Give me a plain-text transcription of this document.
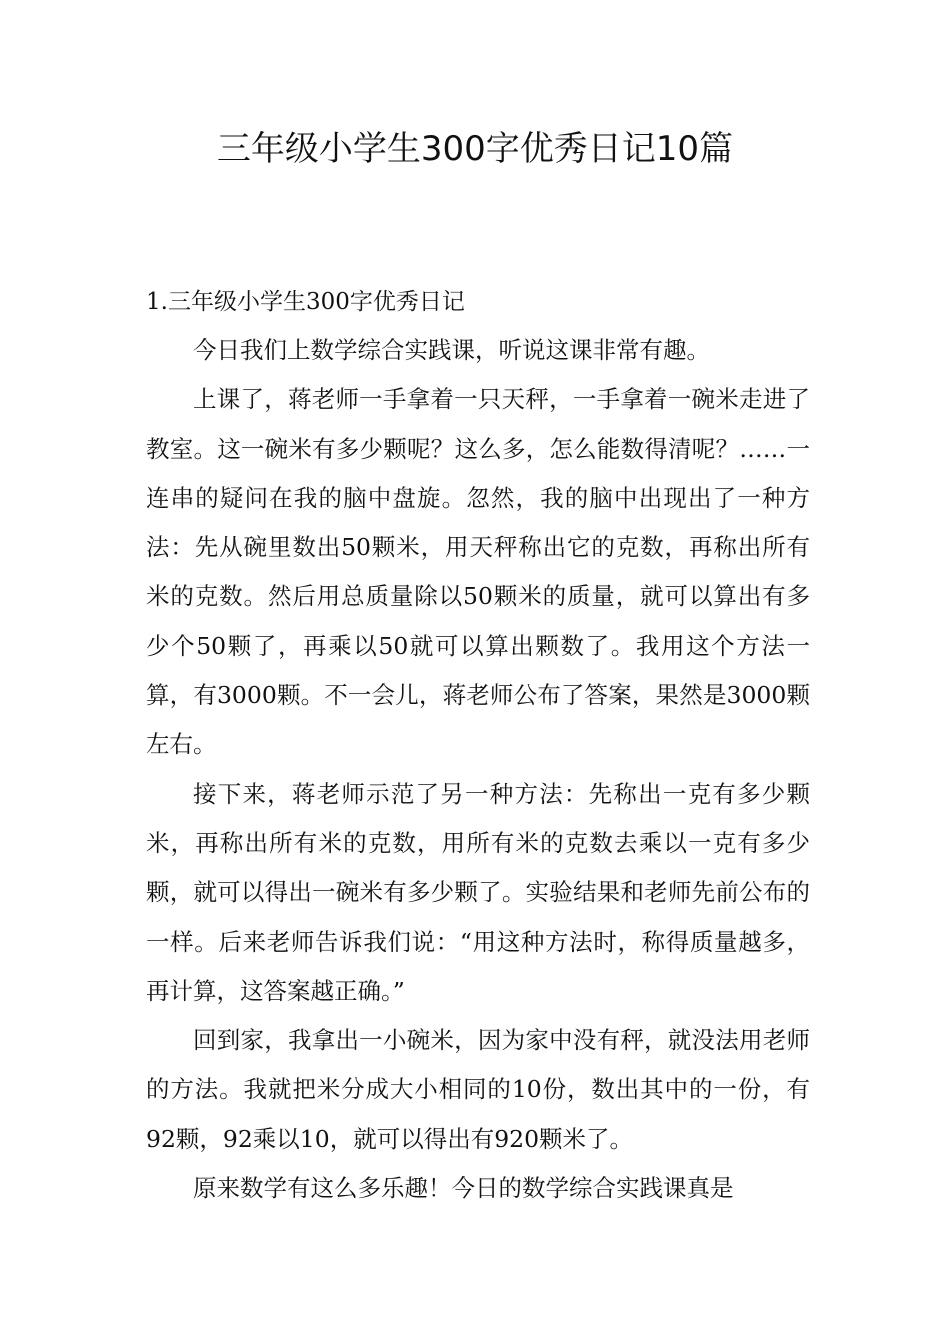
三年级小学生300字优秀日记10篇

1.三年级小学生300字优秀日记

今日我们上数学综合实践课，听说这课非常有趣。

上课了，蒋老师一手拿着一只天秤，一手拿着一碗米走进了教室。这一碗米有多少颗呢？这么多，怎么能数得清呢？……一连串的疑问在我的脑中盘旋。忽然，我的脑中出现出了一种方法：先从碗里数出50颗米，用天秤称出它的克数，再称出所有米的克数。然后用总质量除以50颗米的质量，就可以算出有多少个50颗了，再乘以50就可以算出颗数了。我用这个方法一算，有3000颗。不一会儿，蒋老师公布了答案，果然是3000颗左右。

接下来，蒋老师示范了另一种方法：先称出一克有多少颗米，再称出所有米的克数，用所有米的克数去乘以一克有多少颗，就可以得出一碗米有多少颗了。实验结果和老师先前公布的一样。后来老师告诉我们说：“用这种方法时，称得质量越多，再计算，这答案越正确。”

回到家，我拿出一小碗米，因为家中没有秤，就没法用老师的方法。我就把米分成大小相同的10份，数出其中的一份，有92颗，92乘以10，就可以得出有920颗米了。

原来数学有这么多乐趣！今日的数学综合实践课真是
